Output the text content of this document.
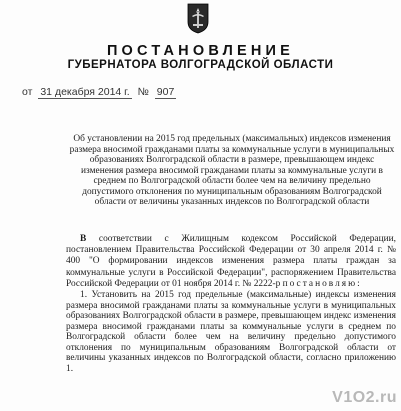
ПОСТАНОВЛЕНИЕ
ГУБЕРНАТОРА ВОЛГОГРАДСКОЙ ОБЛАСТИ
от 31 декабря 2014 г. № 907
Об установлении на 2015 год предельных (максимальных) индексов изменения размера вносимой гражданами платы за коммунальные услуги в муниципальных образованиях Волгоградской области в размере, превышающем индекс изменения размера вносимой гражданами платы за коммунальные услуги в среднем по Волгоградской области более чем на величину предельно допустимого отклонения по муниципальным образованиям Волгоградской области от величины указанных индексов по Волгоградской области
В соответствии с Жилищным кодексом Российской Федерации, постановлением Правительства Российской Федерации от 30 апреля 2014 г. № 400 "О формировании индексов изменения размера платы граждан за коммунальные услуги в Российской Федерации", распоряжением Правительства Российской Федерации от 01 ноября 2014 г. № 2222-р постановляю:
1. Установить на 2015 год предельные (максимальные) индексы изменения размера вносимой гражданами платы за коммунальные услуги в муниципальных образованиях Волгоградской области в размере, превышающем индекс изменения размера вносимой гражданами платы за коммунальные услуги в среднем по Волгоградской области более чем на величину предельно допустимого отклонения по муниципальным образованиям Волгоградской области от величины указанных индексов по Волгоградской области, согласно приложению 1.
V1O2.ru
